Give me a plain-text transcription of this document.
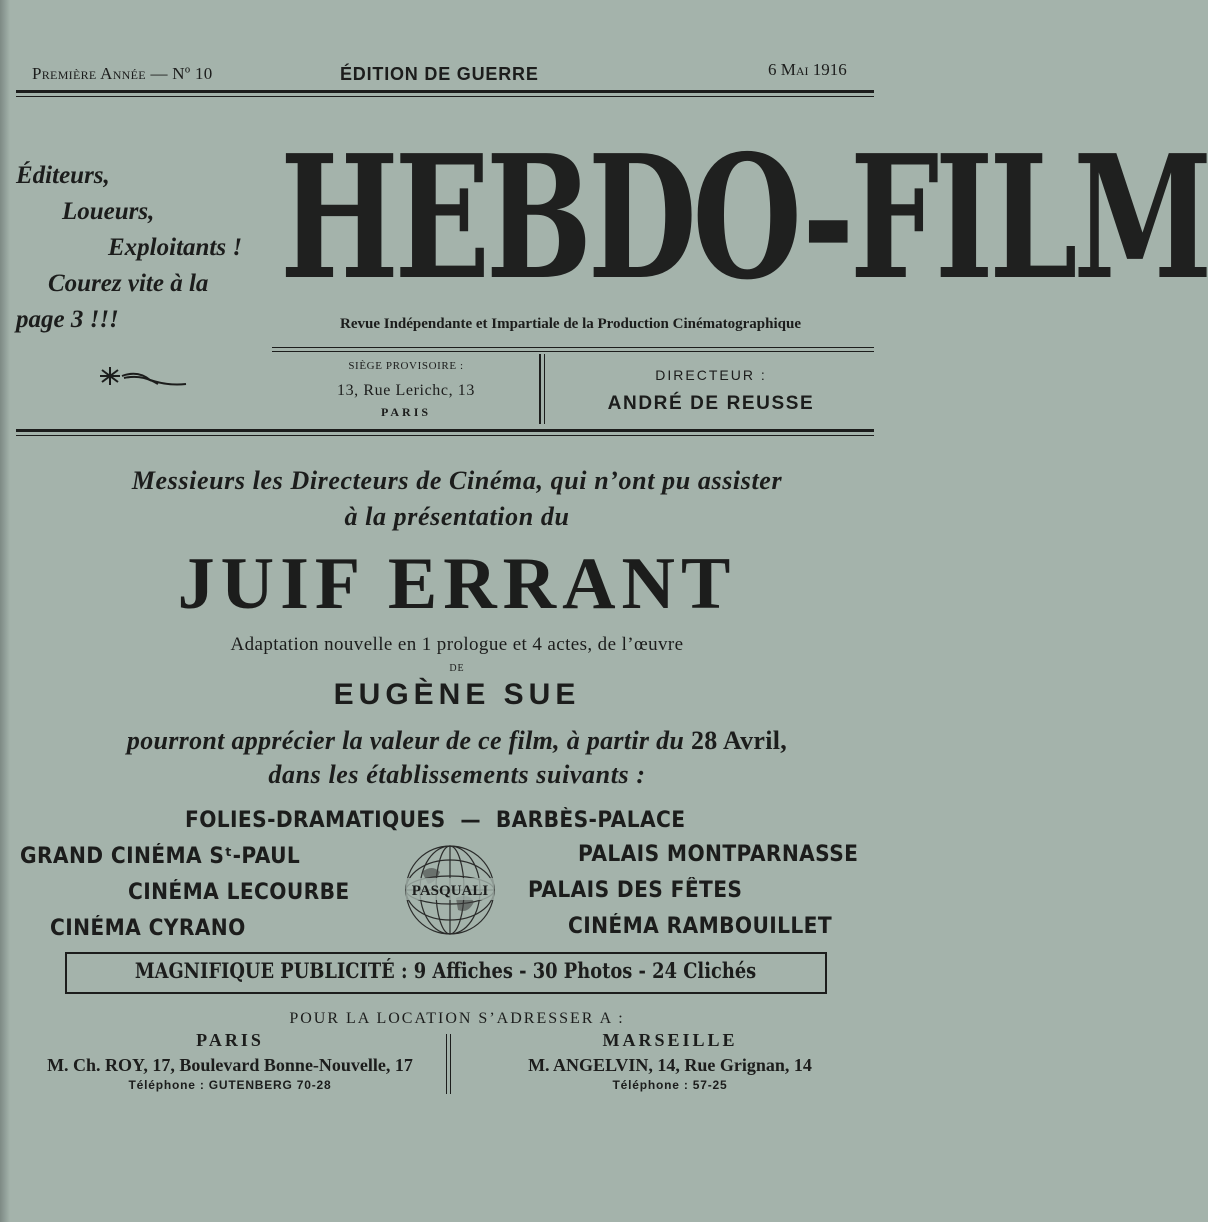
Première Année — Nº 10	ÉDITION DE GUERRE	6 Mai 1916
Éditeurs,
Loueurs,
Exploitants !
Courez vite à la
page 3 !!!
HEBDO-FILM
Revue Indépendante et Impartiale de la Production Cinématographique
SIÈGE PROVISOIRE :
13, Rue Lerichc, 13
PARIS
DIRECTEUR :
ANDRÉ DE REUSSE
Messieurs les Directeurs de Cinéma, qui n’ont pu assister
à la présentation du
JUIF ERRANT
Adaptation nouvelle en 1 prologue et 4 actes, de l’œuvre
DE
EUGÈNE SUE
pourront apprécier la valeur de ce film, à partir du 28 Avril,
dans les établissements suivants :
FOLIES-DRAMATIQUES — BARBÈS-PALACE
GRAND CINÉMA Sᵗ-PAUL
CINÉMA LECOURBE
CINÉMA CYRANO
PALAIS MONTPARNASSE
PALAIS DES FÊTES
CINÉMA RAMBOUILLET
PASQUALI
MAGNIFIQUE PUBLICITÉ : 9 Affiches - 30 Photos - 24 Clichés
POUR LA LOCATION S’ADRESSER A :
PARIS
M. Ch. ROY, 17, Boulevard Bonne-Nouvelle, 17
Téléphone : GUTENBERG 70-28
MARSEILLE
M. ANGELVIN, 14, Rue Grignan, 14
Téléphone : 57-25
